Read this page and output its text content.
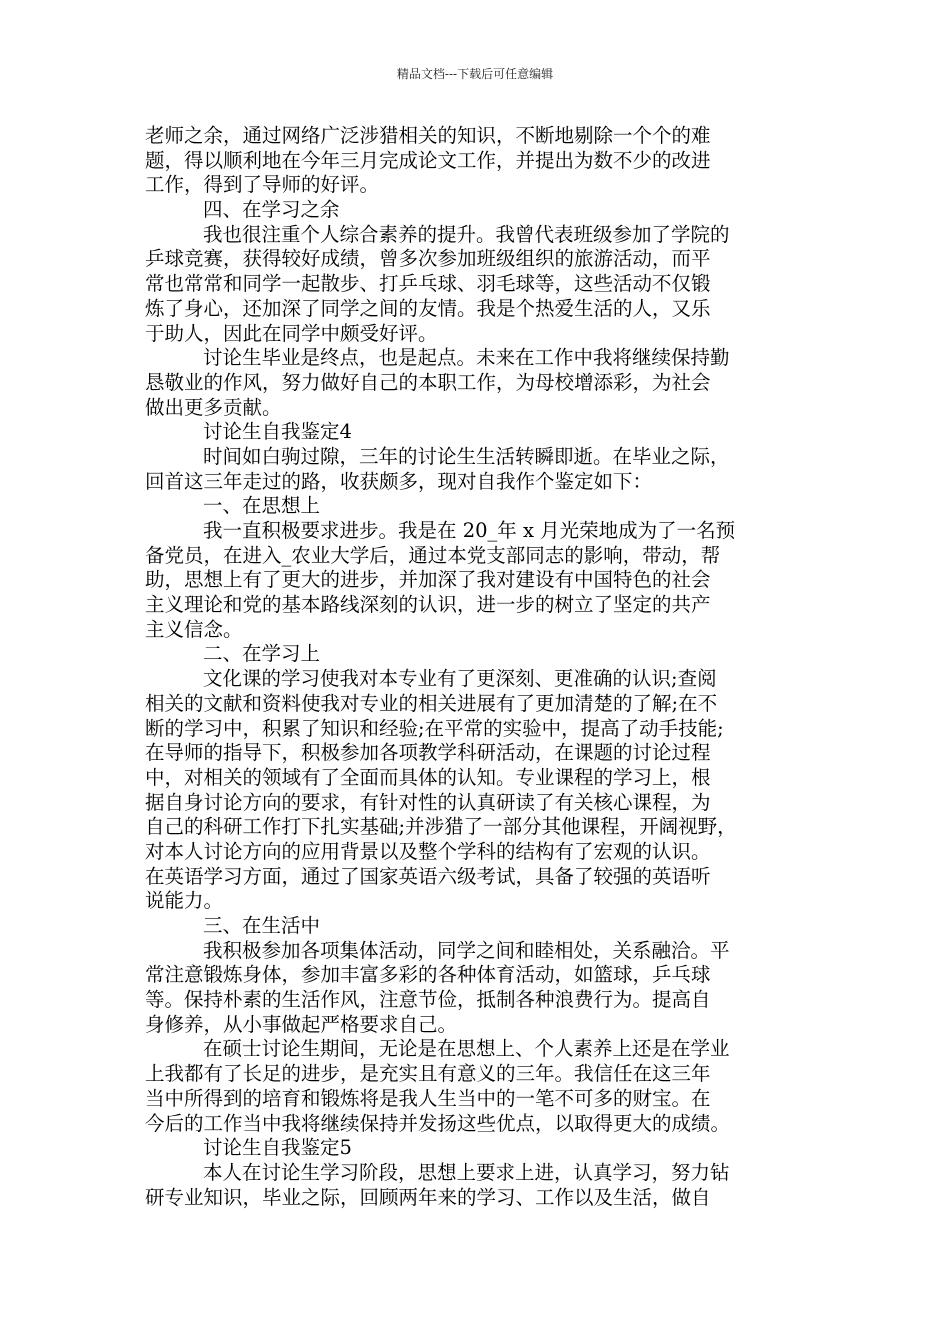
精品文档---下载后可任意编辑
老师之余，通过网络广泛涉猎相关的知识，不断地剔除一个个的难
题，得以顺利地在今年三月完成论文工作，并提出为数不少的改进
工作，得到了导师的好评。
四、在学习之余
我也很注重个人综合素养的提升。我曾代表班级参加了学院的
乒球竞赛，获得较好成绩，曾多次参加班级组织的旅游活动，而平
常也常常和同学一起散步、打乒乓球、羽毛球等，这些活动不仅锻
炼了身心，还加深了同学之间的友情。我是个热爱生活的人，又乐
于助人，因此在同学中颇受好评。
讨论生毕业是终点，也是起点。未来在工作中我将继续保持勤
恳敬业的作风，努力做好自己的本职工作，为母校增添彩，为社会
做出更多贡献。
讨论生自我鉴定4
时间如白驹过隙，三年的讨论生生活转瞬即逝。在毕业之际，
回首这三年走过的路，收获颇多，现对自我作个鉴定如下：
一、在思想上
我一直积极要求进步。我是在 20_年 x 月光荣地成为了一名预
备党员，在进入_农业大学后，通过本党支部同志的影响，带动，帮
助，思想上有了更大的进步，并加深了我对建设有中国特色的社会
主义理论和党的基本路线深刻的认识，进一步的树立了坚定的共产
主义信念。
二、在学习上
文化课的学习使我对本专业有了更深刻、更准确的认识;查阅
相关的文献和资料使我对专业的相关进展有了更加清楚的了解;在不
断的学习中，积累了知识和经验;在平常的实验中，提高了动手技能;
在导师的指导下，积极参加各项教学科研活动，在课题的讨论过程
中，对相关的领域有了全面而具体的认知。专业课程的学习上，根
据自身讨论方向的要求，有针对性的认真研读了有关核心课程，为
自己的科研工作打下扎实基础;并涉猎了一部分其他课程，开阔视野，
对本人讨论方向的应用背景以及整个学科的结构有了宏观的认识。
在英语学习方面，通过了国家英语六级考试，具备了较强的英语听
说能力。
三、在生活中
我积极参加各项集体活动，同学之间和睦相处，关系融洽。平
常注意锻炼身体，参加丰富多彩的各种体育活动，如篮球，乒乓球
等。保持朴素的生活作风，注意节俭，抵制各种浪费行为。提高自
身修养，从小事做起严格要求自己。
在硕士讨论生期间，无论是在思想上、个人素养上还是在学业
上我都有了长足的进步，是充实且有意义的三年。我信任在这三年
当中所得到的培育和锻炼将是我人生当中的一笔不可多的财宝。在
今后的工作当中我将继续保持并发扬这些优点，以取得更大的成绩。
讨论生自我鉴定5
本人在讨论生学习阶段，思想上要求上进，认真学习，努力钻
研专业知识，毕业之际，回顾两年来的学习、工作以及生活，做自
